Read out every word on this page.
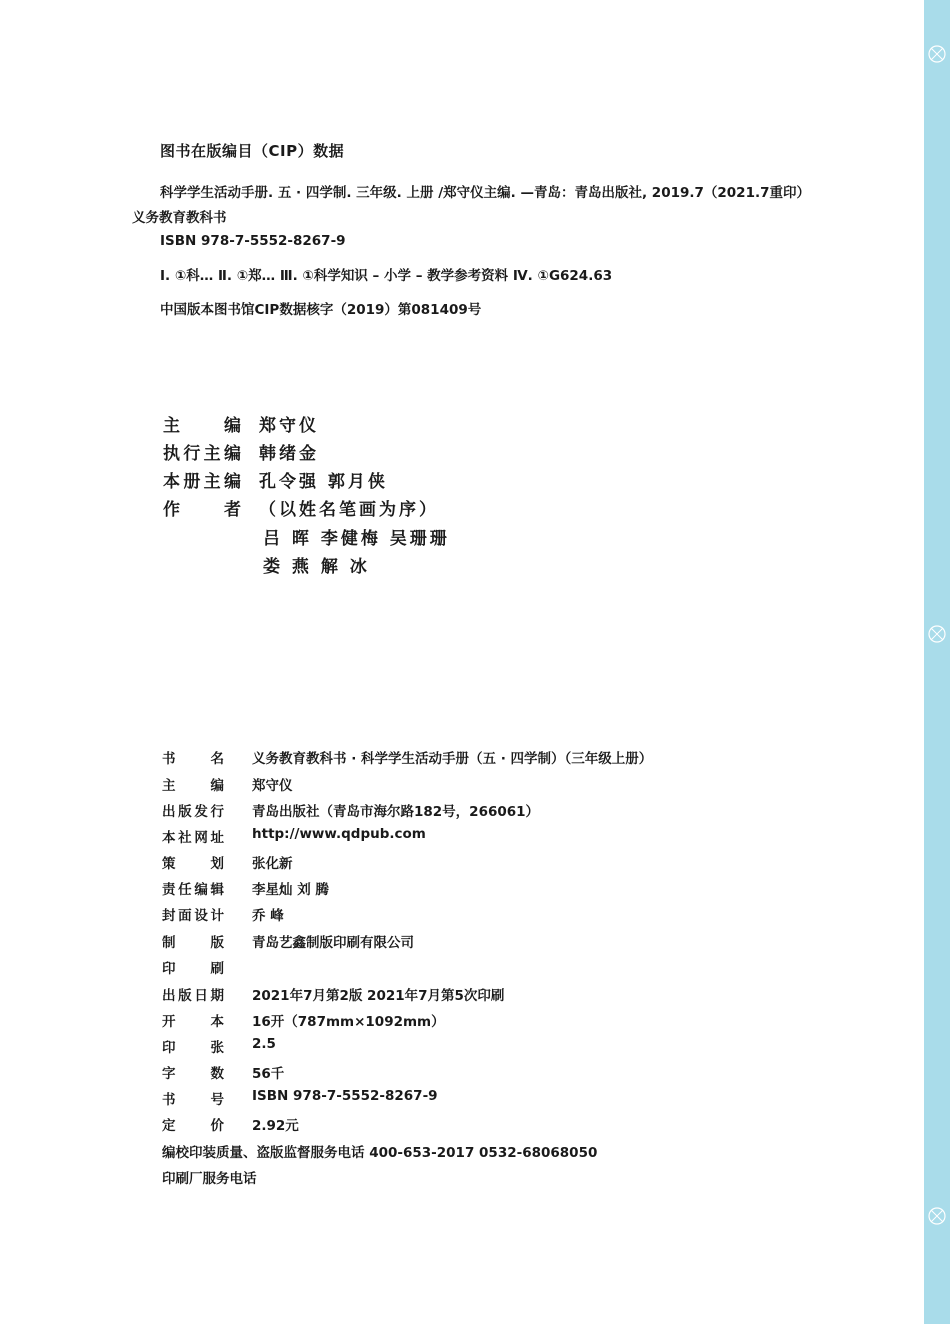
图书在版编目（CIP）数据
科学学生活动手册. 五 · 四学制. 三年级. 上册 /郑守仪主编. —青岛：青岛出版社, 2019.7（2021.7重印）
义务教育教科书
ISBN 978-7-5552-8267-9
Ⅰ. ①科… Ⅱ. ①郑… Ⅲ. ①科学知识 – 小学 – 教学参考资料 Ⅳ. ①G624.63
中国版本图书馆CIP数据核字（2019）第081409号
主编 郑守仪
执行主编 韩绪金
本册主编 孔令强 郭月侠
作者 （以姓名笔画为序）
吕 晖 李健梅 吴珊珊
娄 燕 解 冰
书名 义务教育教科书 · 科学学生活动手册（五 · 四学制）（三年级上册）
主编 郑守仪
出版发行 青岛出版社（青岛市海尔路182号，266061）
本社网址 http://www.qdpub.com
策划 张化新
责任编辑 李星灿 刘 腾
封面设计 乔 峰
制版 青岛艺鑫制版印刷有限公司
印刷
出版日期 2021年7月第2版 2021年7月第5次印刷
开本 16开（787mm×1092mm）
印张 2.5
字数 56千
书号 ISBN 978-7-5552-8267-9
定价 2.92元
编校印装质量、盗版监督服务电话 400-653-2017 0532-68068050
印刷厂服务电话
